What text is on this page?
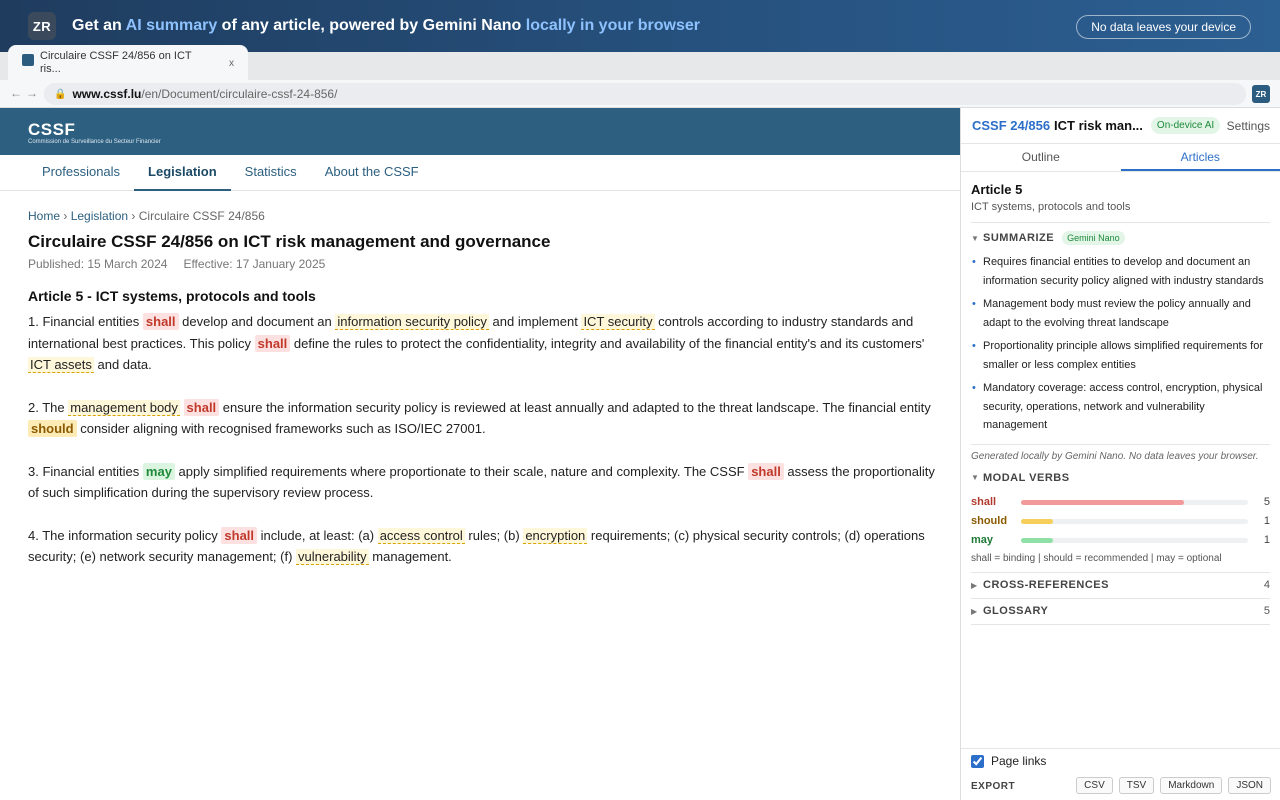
ZR	Get an AI summary of any article, powered by Gemini Nano locally in your browser	No data leaves your device
Circulaire CSSF 24/856 on ICT ris...	x
←→ 🔒 www.cssf.lu /en/Document/circulaire-cssf-24-856/	ZR
CSSF
Commission de Surveillance du Secteur Financier
Professionals	Legislation	Statistics	About the CSSF
Home › Legislation › Circulaire CSSF 24/856
Circulaire CSSF 24/856 on ICT risk management and governance
Published: 15 March 2024 Effective: 17 January 2025
Article 5 - ICT systems, protocols and tools

1. Financial entities shall develop and document an information security policy and implement ICT security controls according to industry standards and international best practices. This policy shall define the rules to protect the confidentiality, integrity and availability of the financial entity's and its customers' ICT assets and data.

2. The management body shall ensure the information security policy is reviewed at least annually and adapted to the threat landscape. The financial entity should consider aligning with recognised frameworks such as ISO/IEC 27001.

3. Financial entities may apply simplified requirements where proportionate to their scale, nature and complexity. The CSSF shall assess the proportionality of such simplification during the supervisory review process.

4. The information security policy shall include, at least: (a) access control rules; (b) encryption requirements; (c) physical security controls; (d) operations security; (e) network security management; (f) vulnerability management.

CSSF 24/856 ICT risk man...	On-device AI	Settings
Outline	Articles
Article 5
ICT systems, protocols and tools
▼ SUMMARIZE	Gemini Nano
• Requires financial entities to develop and document an information security policy aligned with industry standards
• Management body must review the policy annually and adapt to the evolving threat landscape
• Proportionality principle allows simplified requirements for smaller or less complex entities
• Mandatory coverage: access control, encryption, physical security, operations, network and vulnerability management
Generated locally by Gemini Nano. No data leaves your browser.
▼ MODAL VERBS
shall	5
should	1
may	1
shall = binding | should = recommended | may = optional
▶ CROSS-REFERENCES	4
▶ GLOSSARY	5
Page links
EXPORT	CSV	TSV	Markdown	JSON
